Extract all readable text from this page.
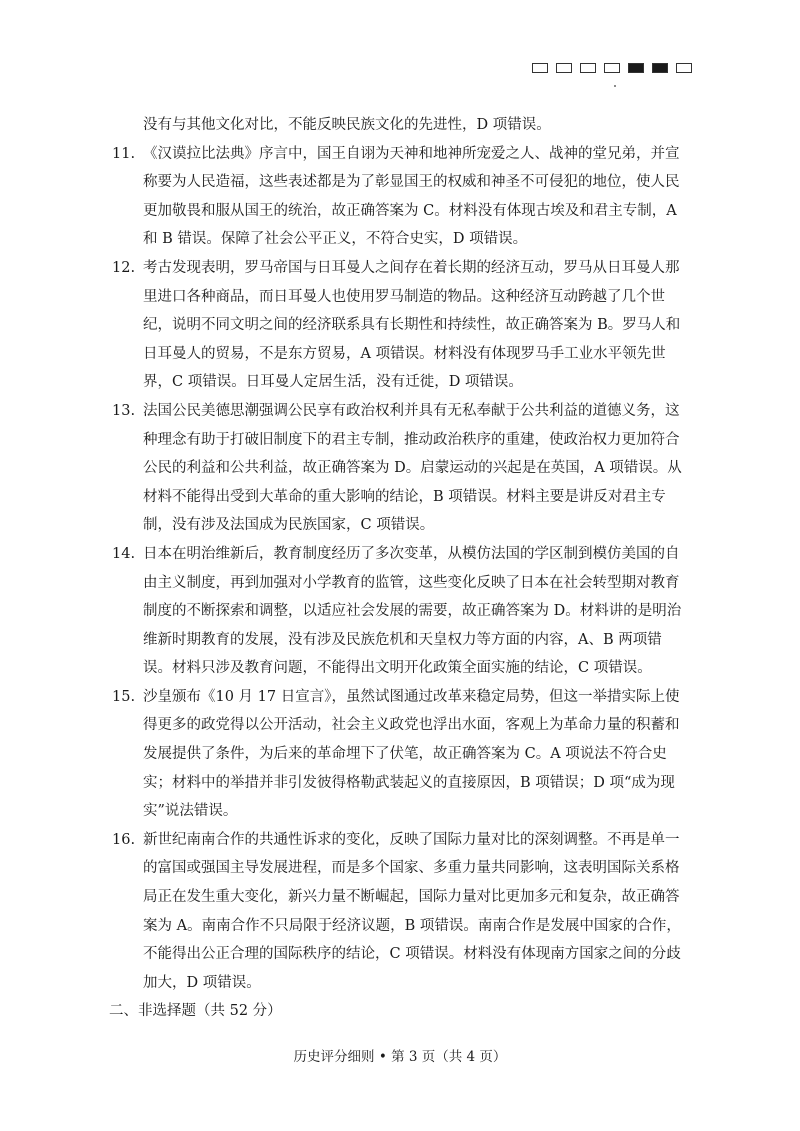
没有与其他文化对比，不能反映民族文化的先进性，D 项错误。

11. 《汉谟拉比法典》序言中，国王自诩为天神和地神所宠爱之人、战神的堂兄弟，并宣称要为人民造福，这些表述都是为了彰显国王的权威和神圣不可侵犯的地位，使人民更加敬畏和服从国王的统治，故正确答案为 C。材料没有体现古埃及和君主专制，A 和 B 错误。保障了社会公平正义，不符合史实，D 项错误。
12. 考古发现表明，罗马帝国与日耳曼人之间存在着长期的经济互动，罗马从日耳曼人那里进口各种商品，而日耳曼人也使用罗马制造的物品。这种经济互动跨越了几个世纪，说明不同文明之间的经济联系具有长期性和持续性，故正确答案为 B。罗马人和日耳曼人的贸易，不是东方贸易，A 项错误。材料没有体现罗马手工业水平领先世界，C 项错误。日耳曼人定居生活，没有迁徙，D 项错误。
13. 法国公民美德思潮强调公民享有政治权利并具有无私奉献于公共利益的道德义务，这种理念有助于打破旧制度下的君主专制，推动政治秩序的重建，使政治权力更加符合公民的利益和公共利益，故正确答案为 D。启蒙运动的兴起是在英国，A 项错误。从材料不能得出受到大革命的重大影响的结论，B 项错误。材料主要是讲反对君主专制，没有涉及法国成为民族国家，C 项错误。
14. 日本在明治维新后，教育制度经历了多次变革，从模仿法国的学区制到模仿美国的自由主义制度，再到加强对小学教育的监管，这些变化反映了日本在社会转型期对教育制度的不断探索和调整，以适应社会发展的需要，故正确答案为 D。材料讲的是明治维新时期教育的发展，没有涉及民族危机和天皇权力等方面的内容，A、B 两项错误。材料只涉及教育问题，不能得出文明开化政策全面实施的结论，C 项错误。
15. 沙皇颁布《10 月 17 日宣言》，虽然试图通过改革来稳定局势，但这一举措实际上使得更多的政党得以公开活动，社会主义政党也浮出水面，客观上为革命力量的积蓄和发展提供了条件，为后来的革命埋下了伏笔，故正确答案为 C。A 项说法不符合史实；材料中的举措并非引发彼得格勒武装起义的直接原因，B 项错误；D 项“成为现实”说法错误。
16. 新世纪南南合作的共通性诉求的变化，反映了国际力量对比的深刻调整。不再是单一的富国或强国主导发展进程，而是多个国家、多重力量共同影响，这表明国际关系格局正在发生重大变化，新兴力量不断崛起，国际力量对比更加多元和复杂，故正确答案为 A。南南合作不只局限于经济议题，B 项错误。南南合作是发展中国家的合作，不能得出公正合理的国际秩序的结论，C 项错误。材料没有体现南方国家之间的分歧加大，D 项错误。
二、非选择题（共 52 分）
历史评分细则 • 第 3 页（共 4 页）
